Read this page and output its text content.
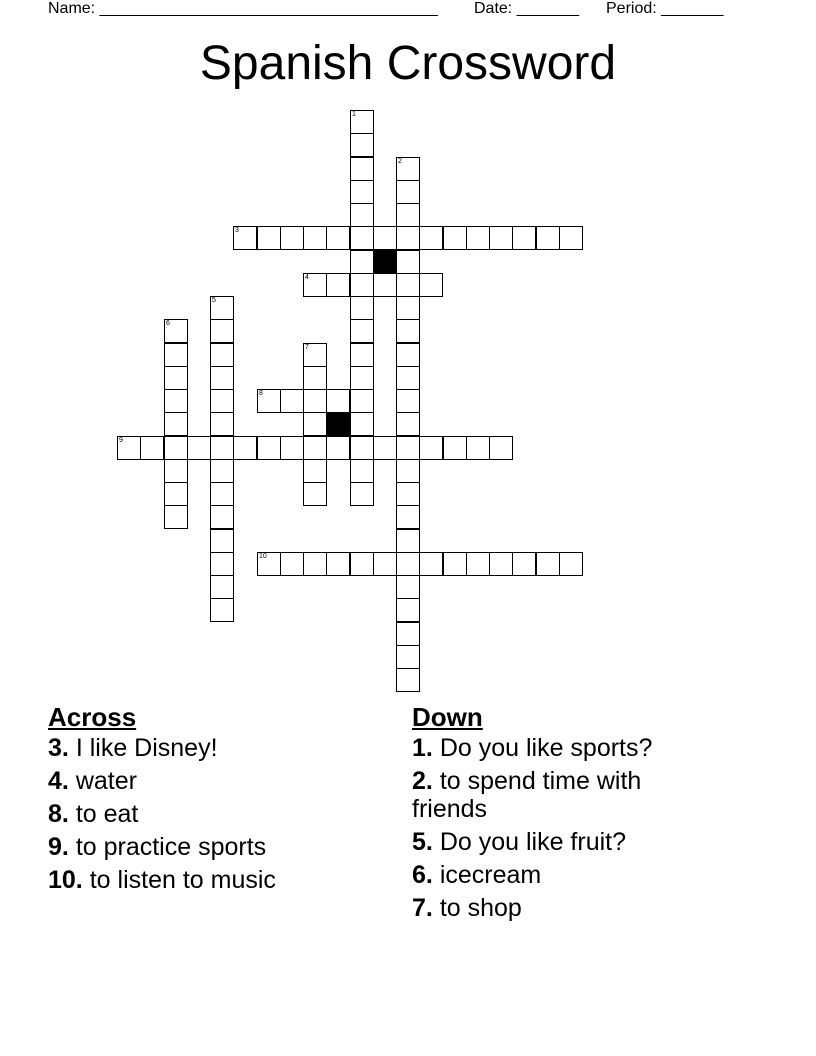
Name: ______________________________________ Date: _______ Period: _______
Spanish Crossword
3
4
8
9
10
1
2
5
6
7
Across
3. I like Disney!
4. water
8. to eat
9. to practice sports
10. to listen to music
Down
1. Do you like sports?
2. to spend time with friends
5. Do you like fruit?
6. icecream
7. to shop
